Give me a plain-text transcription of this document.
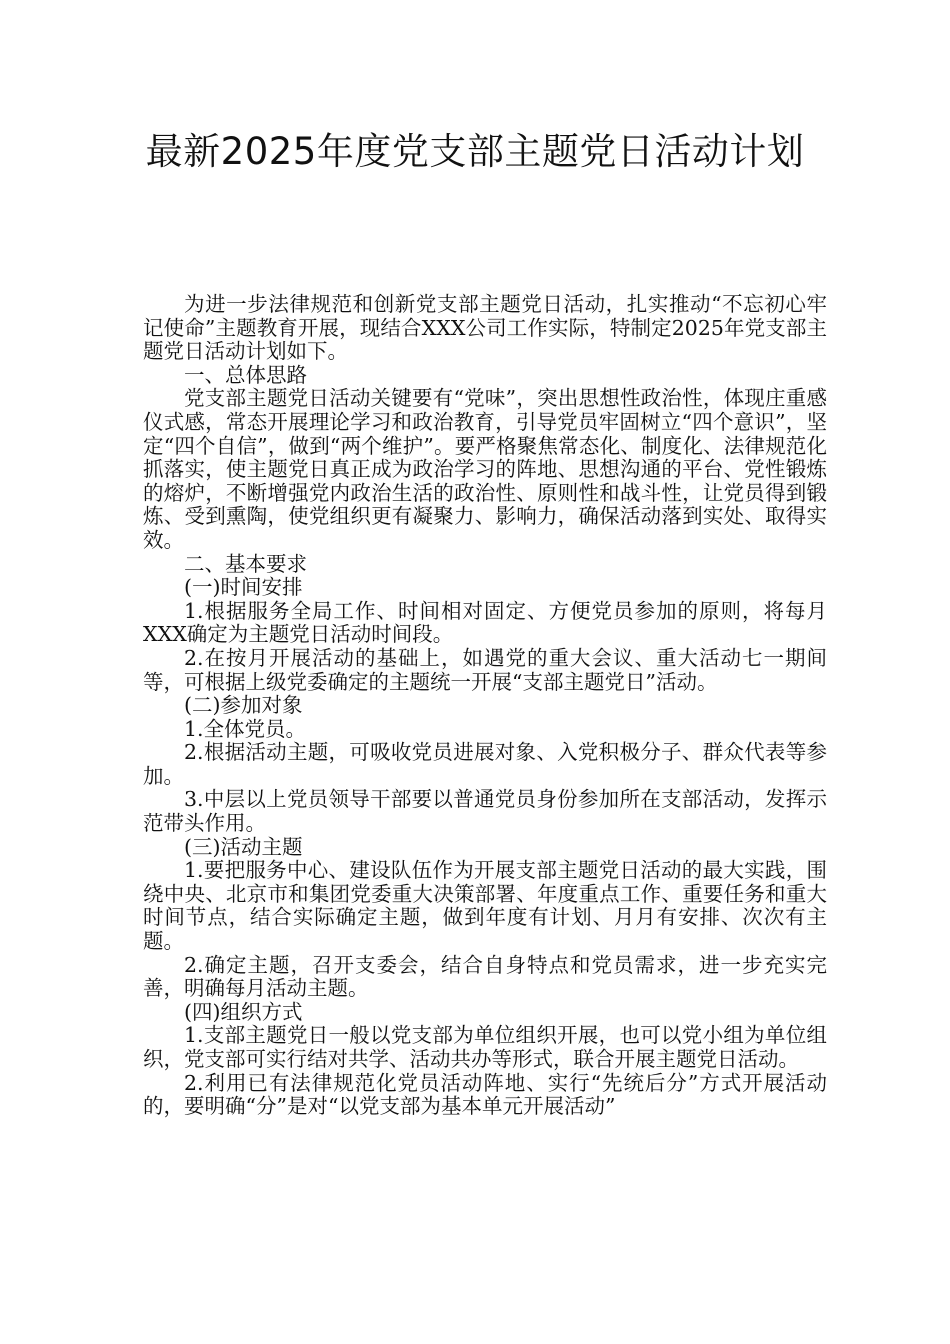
最新2025年度党支部主题党日活动计划

为进一步法律规范和创新党支部主题党日活动，扎实推动“不忘初心牢记使命”主题教育开展，现结合XXX公司工作实际，特制定2025年党支部主题党日活动计划如下。

一、总体思路

党支部主题党日活动关键要有“党味”，突出思想性政治性，体现庄重感仪式感，常态开展理论学习和政治教育，引导党员牢固树立“四个意识”，坚定“四个自信”，做到“两个维护”。要严格聚焦常态化、制度化、法律规范化抓落实，使主题党日真正成为政治学习的阵地、思想沟通的平台、党性锻炼的熔炉，不断增强党内政治生活的政治性、原则性和战斗性，让党员得到锻炼、受到熏陶，使党组织更有凝聚力、影响力，确保活动落到实处、取得实效。

二、基本要求

(一)时间安排

1.根据服务全局工作、时间相对固定、方便党员参加的原则，将每月XXX确定为主题党日活动时间段。

2.在按月开展活动的基础上，如遇党的重大会议、重大活动七一期间等，可根据上级党委确定的主题统一开展“支部主题党日”活动。

(二)参加对象

1.全体党员。

2.根据活动主题，可吸收党员进展对象、入党积极分子、群众代表等参加。

3.中层以上党员领导干部要以普通党员身份参加所在支部活动，发挥示范带头作用。

(三)活动主题

1.要把服务中心、建设队伍作为开展支部主题党日活动的最大实践，围绕中央、北京市和集团党委重大决策部署、年度重点工作、重要任务和重大时间节点，结合实际确定主题，做到年度有计划、月月有安排、次次有主题。

2.确定主题，召开支委会，结合自身特点和党员需求，进一步充实完善，明确每月活动主题。

(四)组织方式

1.支部主题党日一般以党支部为单位组织开展，也可以党小组为单位组织，党支部可实行结对共学、活动共办等形式，联合开展主题党日活动。

2.利用已有法律规范化党员活动阵地、实行“先统后分”方式开展活动的，要明确“分”是对“以党支部为基本单元开展活动”
